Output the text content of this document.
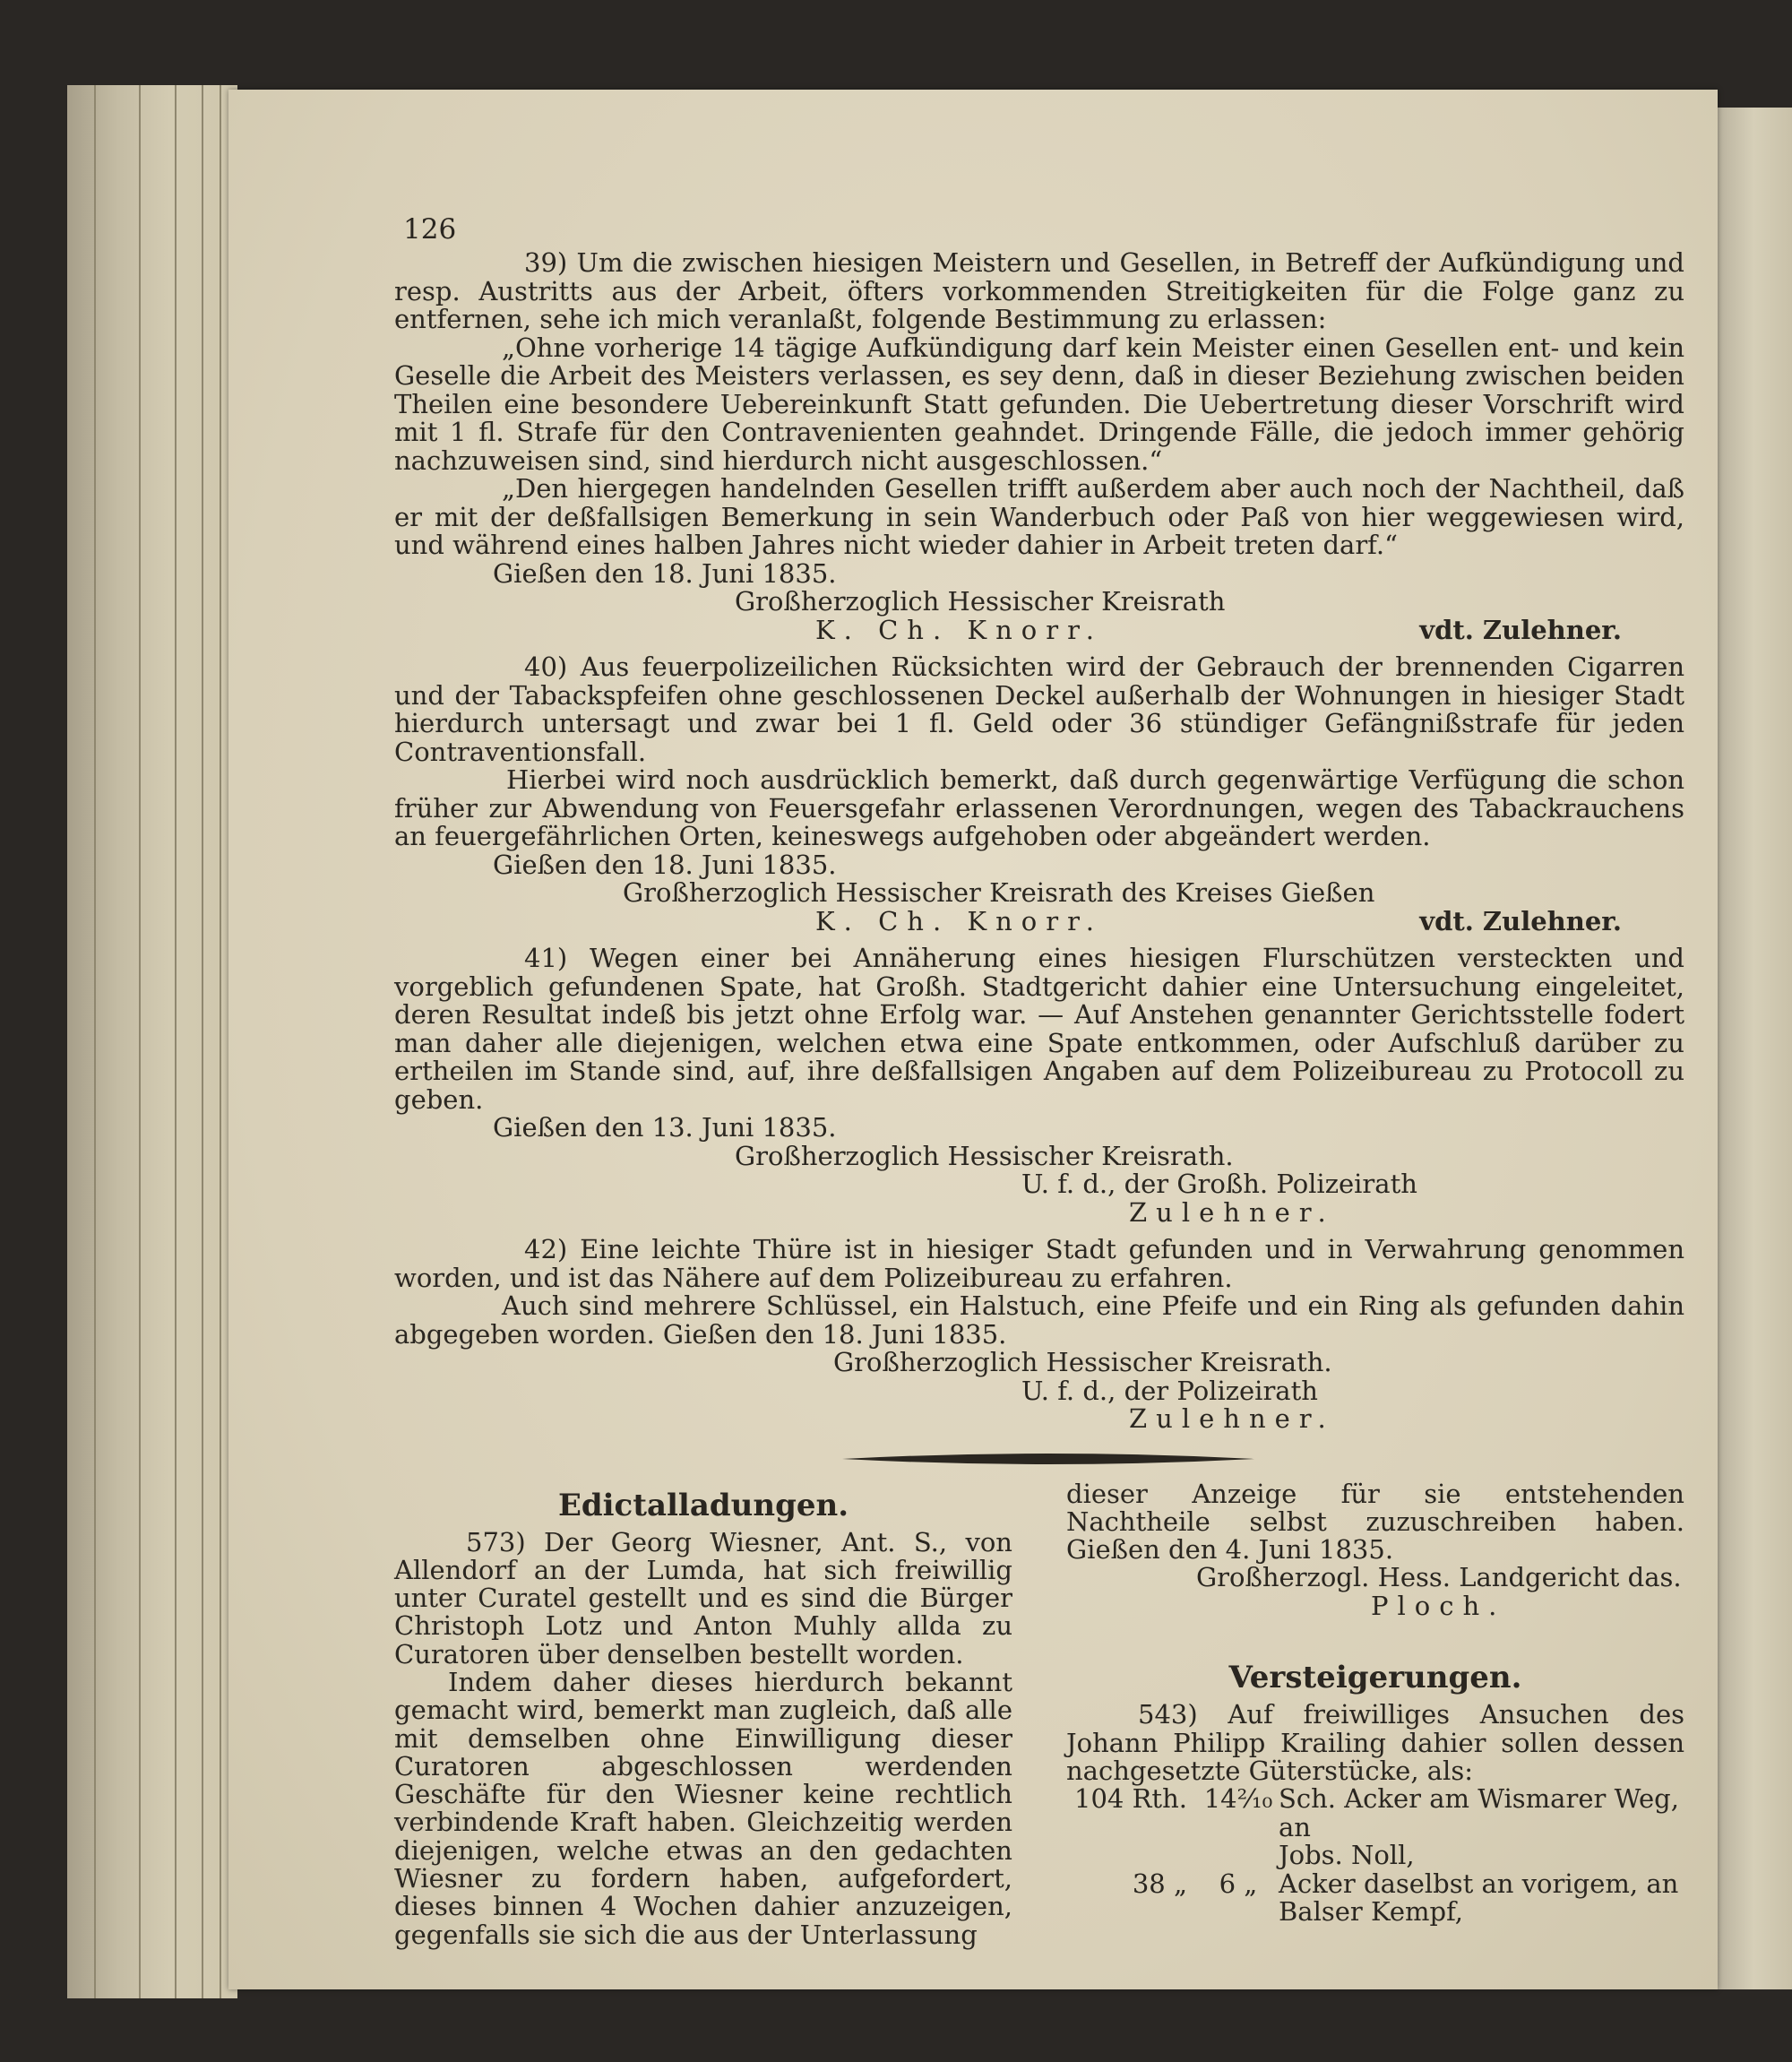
126

39) Um die zwischen hiesigen Meistern und Gesellen, in Betreff der Aufkündigung und resp. Austritts aus der Arbeit, öfters vorkommenden Streitigkeiten für die Folge ganz zu entfernen, sehe ich mich veranlaßt, folgende Bestimmung zu erlassen:

„Ohne vorherige 14 tägige Aufkündigung darf kein Meister einen Gesellen ent- und kein Geselle die Arbeit des Meisters verlassen, es sey denn, daß in dieser Beziehung zwischen beiden Theilen eine besondere Uebereinkunft Statt gefunden. Die Uebertretung dieser Vorschrift wird mit 1 fl. Strafe für den Contravenienten geahndet. Dringende Fälle, die jedoch immer gehörig nachzuweisen sind, sind hierdurch nicht ausgeschlossen.“

„Den hiergegen handelnden Gesellen trifft außerdem aber auch noch der Nachtheil, daß er mit der deßfallsigen Bemerkung in sein Wanderbuch oder Paß von hier weggewiesen wird, und während eines halben Jahres nicht wieder dahier in Arbeit treten darf.“

Gießen den 18. Juni 1835.

Großherzoglich Hessischer Kreisrath

K. Ch. Knorr.	vdt. Zulehner.

40) Aus feuerpolizeilichen Rücksichten wird der Gebrauch der brennenden Cigarren und der Tabackspfeifen ohne geschlossenen Deckel außerhalb der Wohnungen in hiesiger Stadt hierdurch untersagt und zwar bei 1 fl. Geld oder 36 stündiger Gefängnißstrafe für jeden Contraventionsfall.

Hierbei wird noch ausdrücklich bemerkt, daß durch gegenwärtige Verfügung die schon früher zur Abwendung von Feuersgefahr erlassenen Verordnungen, wegen des Tabackrauchens an feuergefährlichen Orten, keineswegs aufgehoben oder abgeändert werden.

Gießen den 18. Juni 1835.

Großherzoglich Hessischer Kreisrath des Kreises Gießen

K. Ch. Knorr.	vdt. Zulehner.

41) Wegen einer bei Annäherung eines hiesigen Flurschützen versteckten und vorgeblich gefundenen Spate, hat Großh. Stadtgericht dahier eine Untersuchung eingeleitet, deren Resultat indeß bis jetzt ohne Erfolg war. — Auf Anstehen genannter Gerichtsstelle fodert man daher alle diejenigen, welchen etwa eine Spate entkommen, oder Aufschluß darüber zu ertheilen im Stande sind, auf, ihre deßfallsigen Angaben auf dem Polizeibureau zu Protocoll zu geben.

Gießen den 13. Juni 1835.

Großherzoglich Hessischer Kreisrath.

U. f. d., der Großh. Polizeirath

Zulehner.

42) Eine leichte Thüre ist in hiesiger Stadt gefunden und in Verwahrung genommen worden, und ist das Nähere auf dem Polizeibureau zu erfahren.

Auch sind mehrere Schlüssel, ein Halstuch, eine Pfeife und ein Ring als gefunden dahin abgegeben worden. Gießen den 18. Juni 1835.

Großherzoglich Hessischer Kreisrath.

U. f. d., der Polizeirath

Zulehner.

Edictalladungen.

573) Der Georg Wiesner, Ant. S., von Allendorf an der Lumda, hat sich freiwillig unter Curatel gestellt und es sind die Bürger Christoph Lotz und Anton Muhly allda zu Curatoren über denselben bestellt worden.

Indem daher dieses hierdurch bekannt gemacht wird, bemerkt man zugleich, daß alle mit demselben ohne Einwilligung dieser Curatoren abgeschlossen werdenden Geschäfte für den Wiesner keine rechtlich verbindende Kraft haben. Gleichzeitig werden diejenigen, welche etwas an den gedachten Wiesner zu fordern haben, aufgefordert, dieses binnen 4 Wochen dahier anzuzeigen, gegenfalls sie sich die aus der Unterlassung

dieser Anzeige für sie entstehenden Nachtheile selbst zuzuschreiben haben. Gießen den 4. Juni 1835.

Großherzogl. Hess. Landgericht das.

Ploch.

Versteigerungen.

543) Auf freiwilliges Ansuchen des Johann Philipp Krailing dahier sollen dessen nachgesetzte Güterstücke, als:

104 Rth. 14²⁄₁₀ Sch. Acker am Wismarer Weg, an
Jobs. Noll,
38 „	6 „ Acker daselbst an vorigem, an
Balser Kempf,
